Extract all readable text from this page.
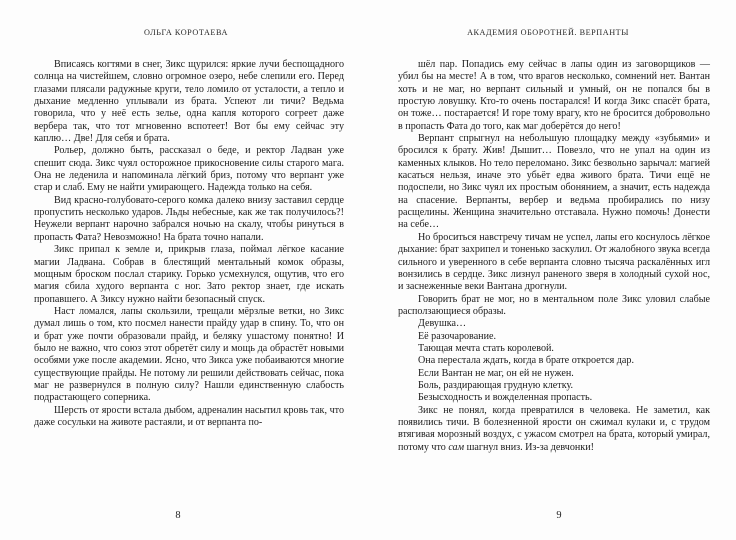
ОЛЬГА КОРОТАЕВА

Вписаясь когтями в снег, Зикс щурился: яркие лучи беспощадного солнца на чистейшем, словно огромное озеро, небе слепили его. Перед глазами плясали радужные круги, тело ломило от усталости, а тепло и дыхание медленно уплывали из брата. Успеют ли тичи? Ведьма говорила, что у неё есть зелье, одна капля которого согреет даже вербера так, что тот мгновенно вспотеет! Вот бы ему сейчас эту каплю… Две! Для себя и брата.

Рольер, должно быть, рассказал о беде, и ректор Ладван уже спешит сюда. Зикс чуял осторожное прикосновение силы старого мага. Она не леденила и напоминала лёгкий бриз, потому что верпант уже стар и слаб. Ему не найти умирающего. Надежда только на себя.

Вид красно-голубовато-серого комка далеко внизу заставил сердце пропустить несколько ударов. Льды небесные, как же так получилось?! Неужели верпант нарочно забрался ночью на скалу, чтобы ринуться в пропасть Фата? Невозможно! На брата точно напали.

Зикс припал к земле и, прикрыв глаза, поймал лёгкое касание магии Ладвана. Собрав в блестящий ментальный комок образы, мощным броском послал старику. Горько усмехнулся, ощутив, что его магия сбила худого верпанта с ног. Зато ректор знает, где искать пропавшего. А Зиксу нужно найти безопасный спуск.

Наст ломался, лапы скользили, трещали мёрзлые ветки, но Зикс думал лишь о том, кто посмел нанести прайду удар в спину. То, что он и брат уже почти образовали прайд, и беляку ушастому понятно! И было не важно, что союз этот обретёт силу и мощь да обрастёт новыми особями уже после академии. Ясно, что Зикса уже побаиваются многие существующие прайды. Не потому ли решили действовать сейчас, пока маг не развернулся в полную силу? Нашли единственную слабость подрастающего соперника.

Шерсть от ярости встала дыбом, адреналин насытил кровь так, что даже сосульки на животе растаяли, и от верпанта по-

8
АКАДЕМИЯ ОБОРОТНЕЙ. ВЕРПАНТЫ

шёл пар. Попадись ему сейчас в лапы один из заговорщиков — убил бы на месте! А в том, что врагов несколько, сомнений нет. Вантан хоть и не маг, но верпант сильный и умный, он не попался бы в простую ловушку. Кто-то очень постарался! И когда Зикс спасёт брата, он тоже… постарается! И горе тому врагу, кто не бросится добровольно в пропасть Фата до того, как маг доберётся до него!

Верпант спрыгнул на небольшую площадку между «зубьями» и бросился к брату. Жив! Дышит… Повезло, что не упал на один из каменных клыков. Но тело переломано. Зикс безвольно зарычал: магией касаться нельзя, иначе это убьёт едва живого брата. Тичи ещё не подоспели, но Зикс чуял их простым обонянием, а значит, есть надежда на спасение. Верпанты, вербер и ведьма пробирались по низу расщелины. Женщина значительно отставала. Нужно помочь! Донести на себе…

Но броситься навстречу тичам не успел, лапы его коснулось лёгкое дыхание: брат захрипел и тоненько заскулил. От жалобного звука всегда сильного и уверенного в себе верпанта словно тысяча раскалённых игл вонзились в сердце. Зикс лизнул раненого зверя в холодный сухой нос, и заснеженные веки Вантана дрогнули.

Говорить брат не мог, но в ментальном поле Зикс уловил слабые расползающиеся образы.

Девушка…

Её разочарование.

Тающая мечта стать королевой.

Она перестала ждать, когда в брате откроется дар.

Если Вантан не маг, он ей не нужен.

Боль, раздирающая грудную клетку.

Безысходность и вожделенная пропасть.

Зикс не понял, когда превратился в человека. Не заметил, как появились тичи. В болезненной ярости он сжимал кулаки и, с трудом втягивая морозный воздух, с ужасом смотрел на брата, который умирал, потому что сам шагнул вниз. Из-за девчонки!

9
